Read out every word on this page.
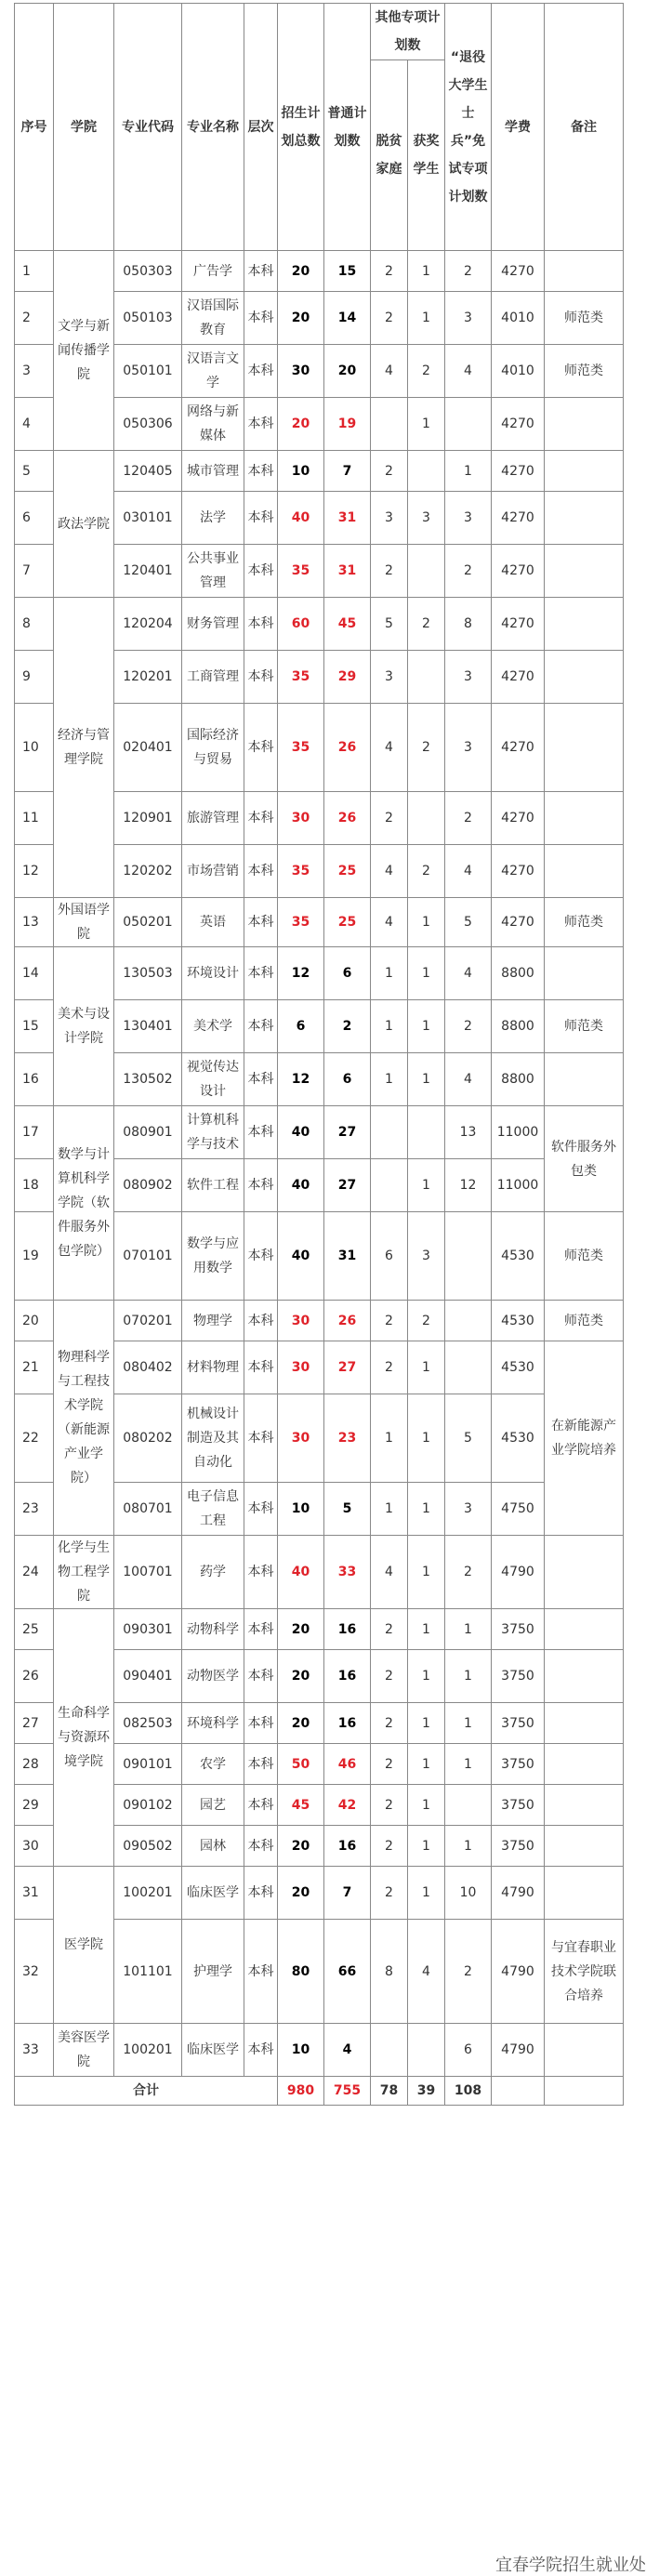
序号	学院	专业代码	专业名称	层次	招生计划总数	普通计划数	其他专项计划数		“退役大学生士兵”免试专项计划数	学费	备注
							脱贫家庭	获奖学生			
1	文学与新闻传播学院	050303	广告学	本科	20	15	2	1	2	4270	
2		050103	汉语国际教育	本科	20	14	2	1	3	4010	师范类
3		050101	汉语言文学	本科	30	20	4	2	4	4010	师范类
4		050306	网络与新媒体	本科	20	19		1		4270	
5	政法学院	120405	城市管理	本科	10	7	2		1	4270	
6		030101	法学	本科	40	31	3	3	3	4270	
7		120401	公共事业管理	本科	35	31	2		2	4270	
8	经济与管理学院	120204	财务管理	本科	60	45	5	2	8	4270	
9		120201	工商管理	本科	35	29	3		3	4270	
10		020401	国际经济与贸易	本科	35	26	4	2	3	4270	
11		120901	旅游管理	本科	30	26	2		2	4270	
12		120202	市场营销	本科	35	25	4	2	4	4270	
13	外国语学院	050201	英语	本科	35	25	4	1	5	4270	师范类
14	美术与设计学院	130503	环境设计	本科	12	6	1	1	4	8800	
15		130401	美术学	本科	6	2	1	1	2	8800	师范类
16		130502	视觉传达设计	本科	12	6	1	1	4	8800	
17	数学与计算机科学学院（软件服务外包学院）	080901	计算机科学与技术	本科	40	27			13	11000	软件服务外包类
18		080902	软件工程	本科	40	27		1	12	11000	
19		070101	数学与应用数学	本科	40	31	6	3		4530	师范类
20	物理科学与工程技术学院（新能源产业学院）	070201	物理学	本科	30	26	2	2		4530	师范类
21		080402	材料物理	本科	30	27	2	1		4530	在新能源产业学院培养
22		080202	机械设计制造及其自动化	本科	30	23	1	1	5	4530	
23		080701	电子信息工程	本科	10	5	1	1	3	4750	
24	化学与生物工程学院	100701	药学	本科	40	33	4	1	2	4790	
25	生命科学与资源环境学院	090301	动物科学	本科	20	16	2	1	1	3750	
26		090401	动物医学	本科	20	16	2	1	1	3750	
27		082503	环境科学	本科	20	16	2	1	1	3750	
28		090101	农学	本科	50	46	2	1	1	3750	
29		090102	园艺	本科	45	42	2	1		3750	
30		090502	园林	本科	20	16	2	1	1	3750	
31	医学院	100201	临床医学	本科	20	7	2	1	10	4790	
32		101101	护理学	本科	80	66	8	4	2	4790	与宜春职业技术学院联合培养
33	美容医学院	100201	临床医学	本科	10	4			6	4790	
合计					980	755	78	39	108		
宜春学院招生就业处
